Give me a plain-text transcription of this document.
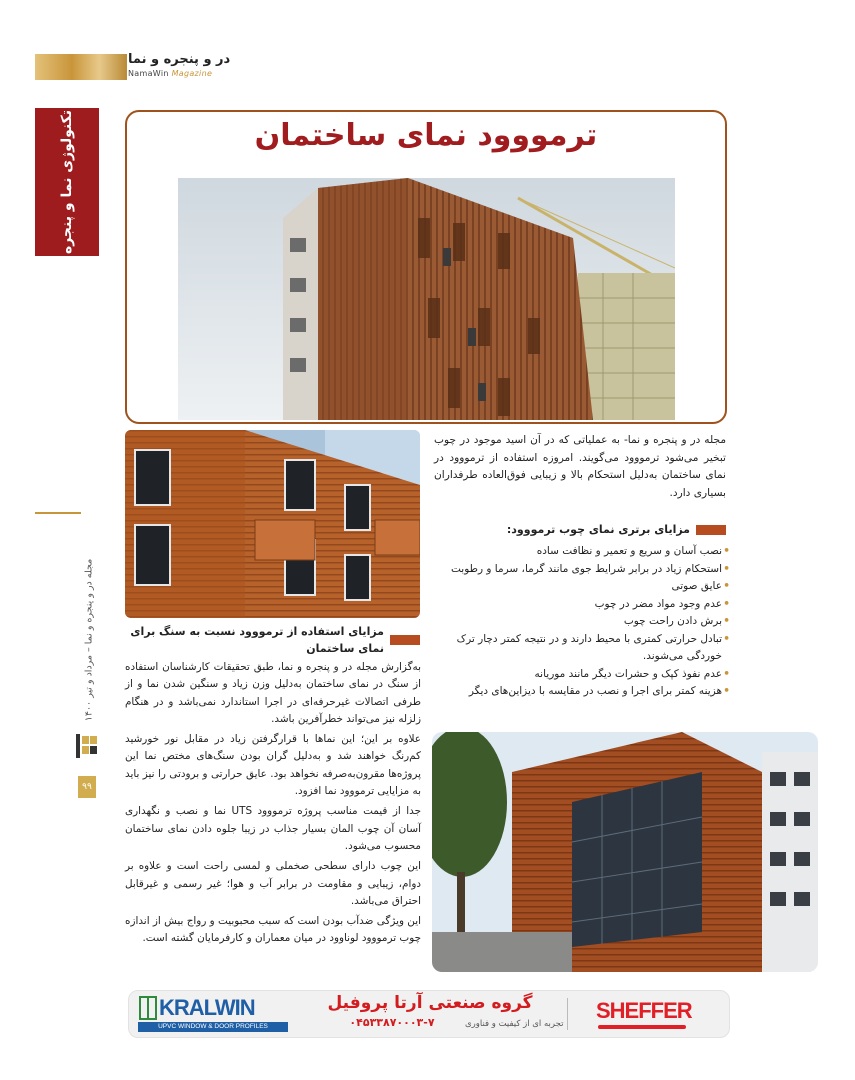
در و پنجره و نما
NamaWin Magazine
تکنولوژی نما و پنجره
مجله در و پنجره و نما – مرداد و تیر ۱۴۰۰
۹۹
ترمووود نمای ساختمان
مجله در و پنجره و نما- به عملیاتی که در آن اسید موجود در چوب تبخیر می‌شود ترمووود می‌گویند. امروزه استفاده از ترمووود در نمای ساختمان به‌دلیل استحکام بالا و زیبایی فوق‌العاده طرفداران بسیاری دارد.
مزایای برتری نمای چوب ترمووود:
• نصب آسان و سریع و تعمیر و نظافت ساده
• استحکام زیاد در برابر شرایط جوی مانند گرما، سرما و رطوبت
• عایق صوتی
• عدم وجود مواد مضر در چوب
• برش دادن راحت چوب
• تبادل حرارتی کمتری با محیط دارند و در نتیجه کمتر دچار ترک خوردگی می‌شوند.
• عدم نفوذ کپک و حشرات دیگر مانند موریانه
• هزینه کمتر برای اجرا و نصب در مقایسه با دیزاین‌های دیگر
مزایای استفاده از ترمووود نسبت به سنگ برای نمای ساختمان

به‌گزارش مجله در و پنجره و نما، طبق تحقیقات کارشناسان استفاده از سنگ در نمای ساختمان به‌دلیل وزن زیاد و سنگین شدن نما و از طرفی اتصالات غیرحرفه‌ای در اجرا استاندارد نمی‌باشد و در هنگام زلزله نیز می‌تواند خطرآفرین باشد.

علاوه بر این؛ این نماها با قرارگرفتن زیاد در مقابل نور خورشید کم‌رنگ خواهند شد و به‌دلیل گران بودن سنگ‌های مختص نما این پروژه‌ها مقرون‌به‌صرفه نخواهد بود. عایق حرارتی و برودتی را نیز باید به مزایایی ترمووود نما افزود.

جدا از قیمت مناسب پروژه ترمووود UTS نما و نصب و نگهداری آسان آن چوب المان بسیار جذاب در زیبا جلوه دادن نمای ساختمان محسوب می‌شود.

این چوب دارای سطحی صخملی و لمسی راحت است و علاوه بر دوام، زیبایی و مقاومت در برابر آب و هوا؛ غیر رسمی و غیرقابل احتراق می‌باشد.

این ویژگی ضدآب بودن است که سبب محبوبیت و رواج بیش از اندازه چوب ترمووود لوناوود در میان معماران و کارفرمایان گشته است.

KRALWIN
UPVC WINDOW & DOOR PROFILES
گروه صنعتی آرتا پروفیل
۰۴۵۳۳۸۷۰۰۰۳-۷	تجربه ای از کیفیت و فناوری
SHEFFER
